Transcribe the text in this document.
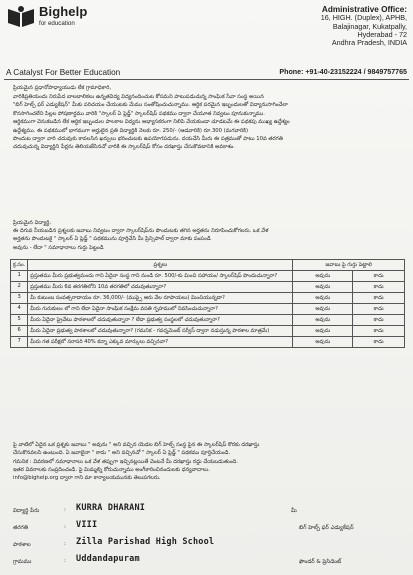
Bighelp
for education
A Catalyst For Better Education
Administrative Office:
16, HIGH. (Duplex), APHB,
Balajinagar, Kukatpally,
Hyderabad - 72
Andhra Pradesh, INDIA
Phone: +91-40-23152224 / 9849757765
ప్రియమైన ప్రధానోపాధ్యాయుడు లేక గ్రామాధికారి,
వారికిప్రతియందు నిరుపేద బాలబాలికలు ఉన్నతవిద్య విద్యనందించుట కోసమని పాటుపడుచున్న సాంఘిక సేవా సంస్థ అయిన
"బిగ్ హెల్ప్ ఫర్ ఎడ్యుకేషన్" మీకు పరిచయం చేయుటకు మేము సంతోషించుచున్నాము. ఆర్థిక పరమైన ఇబ్బందులతో విద్యానుసాగించేలా
కొనసాగించలేని పిల్లల పోషణార్థము వారికి "స్కాలర్ ఏ ప్లెడ్జ్" స్కాలర్‌షిప్ పథకము ద్వారా చేయూత నివ్వటం పూనుకున్నాము.
ఆర్థికముగా వెనుకబడిన లేక ఆర్థిక ఇబ్బందుల పాలకాల విద్యను అభ్యాసకరంగా నిలిపి వేయకుండా చూడటమే ఈ పథకపు ముఖ్య ఉద్దేశ్యం
ఉద్దేశ్యము. ఈ పథకములో భాగముగా అర్హులైన ప్రతి విద్యార్థికి నెలకు రూ. 250/- (ఆడవారికి) రూ.300 (మగవారికి)
పొందుట ద్వారా వారి చదువుకు కావలసిన ఖర్చులు భరించుటకు ఉపయోగపడును. దయచేసి మీరు ఈ పత్రముతో పాటు 10వ తరగతి
చదువుచున్న విద్యార్థిని పేర్లను తెలియజేసినచో వారికి ఈ స్కాలర్‌షిప్ కోసం దరఖాస్తు చేసుకొవటానికి అవకాశం.
ప్రియమైన విద్యార్థి,
ఈ దిగువ నీయబడిన ప్రశ్నలకు జవాబు నివ్వటం ద్వారా స్కాలర్‌షిప్‌ను పొందుటకు తగిన అర్హతను నిరూపించుకోగలరు. ఒక వేళ
అర్హతను పొందుటకై " స్కాలర్ ఏ ప్లెడ్జ్ " పథకమును పూర్తిచేసి మీ ప్రిన్సిపాల్ ద్వారా మాకు పంపండి
అవును - లేదా " సమాధానాలు గుర్తు పెట్టండి
క్ర.సం.	ప్రశ్నలు	జవాబు పై గుర్తు పెట్టాలి	
1	ప్రస్తుతము మీరు ప్రభుత్వమందు గాని ఏదైనా సంస్థ గాని నుండి రూ. 500/-కు మించి సహాయం/ స్కాలర్‌షిప్ పొందుచున్నారా?	అవును	కాదు
2	ప్రస్తుతము మీరు 6వ తరగతిలోని 10వ తరగతిలో చదువుతున్నారా?	అవును	కాదు
3	మీ కుటుంబ సంవత్సరాదాయం రూ. 36,000/- (ముప్పై ఆరు వేల రూపాయలు) మించియున్నదా?	అవును	కాదు
4	మీరు గురుకులం లో గాని లేదా ఏదైనా సాంఘిక సంక్షేమ వసతి గృహములో నివసించుచున్నారా?	అవును	కాదు
5	మీరు ఏదైనా ప్రైవేటు పాఠశాలలో చదువుతున్నారా ? లేదా ప్రభుత్వ సంస్థలలో చదువుతున్నారా?	అవును	కాదు
6	మీరు ఏదైనా ప్రభుత్వ పాఠశాలలో చదువుతున్నారా? (గమనిక - గవర్నమెంట్ సర్వీస్ ద్వారా నడుస్తున్న పాఠశాల మాత్రమే)	అవును	కాదు
7	మీరు గత పరీక్షలో సరాసరి 40% కన్నా ఎక్కువ మార్కులు వచ్చినవా?	అవును	కాదు
పై వాటిలో ఏదైన ఒక ప్రశ్నకు జవాబు " అవును " అని వచ్చిన యెడల బిగ్ హెల్ప్ సంస్థ పైన ఈ స్కాలర్‌షిప్ కొరకు దరఖాస్తు
చేసుకొనవలసి ఉంటుంది. ఏ జవాబైనా " కాదు " అని వచ్చినచో " స్కాలర్ ఏ ప్లెడ్జ్ " పథకము పూర్తిచేయండి.
గమనిక : వివరణలో సమాధానాలు ఒక వేళ తప్పుగా ఇచ్చినట్లయితే వెంటనే మీ దరఖాస్తు రద్దు చేయబడుతుంది.
ఇతర వివరాలకు సంప్రదించండి. పై మిమ్మల్ని కోరుచున్నాము అంగీకారించినందులకు ధన్యవాదాలు.
info@bighelp.org ద్వారా గాని మా కార్యాలయమునకు తెలుపగలరు.
మీ
విద్యార్థి పేరు	: KURRA DHARANI
తరగతి	: VIII	బిగ్ హెల్ప్ ఫర్ ఎడ్యుకేషన్
పాఠశాల	: Zilla Parishad High School
గ్రామము	: Uddandapuram	ఫౌండర్ & ప్రెసిడెంట్
